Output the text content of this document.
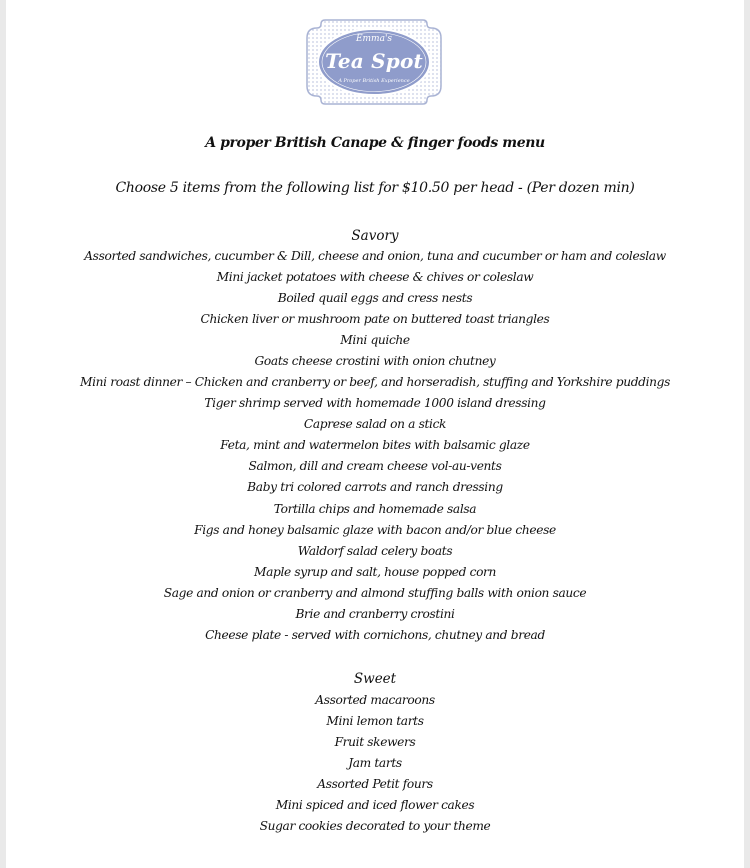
Emma's
Tea Spot
A Proper British Experience
A proper British Canape & finger foods menu
Choose 5 items from the following list for $10.50 per head - (Per dozen min)
Savory
Assorted sandwiches, cucumber & Dill, cheese and onion, tuna and cucumber or ham and coleslaw
Mini jacket potatoes with cheese & chives or coleslaw
Boiled quail eggs and cress nests
Chicken liver or mushroom pate on buttered toast triangles
Mini quiche
Goats cheese crostini with onion chutney
Mini roast dinner – Chicken and cranberry or beef, and horseradish, stuffing and Yorkshire puddings
Tiger shrimp served with homemade 1000 island dressing
Caprese salad on a stick
Feta, mint and watermelon bites with balsamic glaze
Salmon, dill and cream cheese vol-au-vents
Baby tri colored carrots and ranch dressing
Tortilla chips and homemade salsa
Figs and honey balsamic glaze with bacon and/or blue cheese
Waldorf salad celery boats
Maple syrup and salt, house popped corn
Sage and onion or cranberry and almond stuffing balls with onion sauce
Brie and cranberry crostini
Cheese plate - served with cornichons, chutney and bread
Sweet
Assorted macaroons
Mini lemon tarts
Fruit skewers
Jam tarts
Assorted Petit fours
Mini spiced and iced flower cakes
Sugar cookies decorated to your theme
